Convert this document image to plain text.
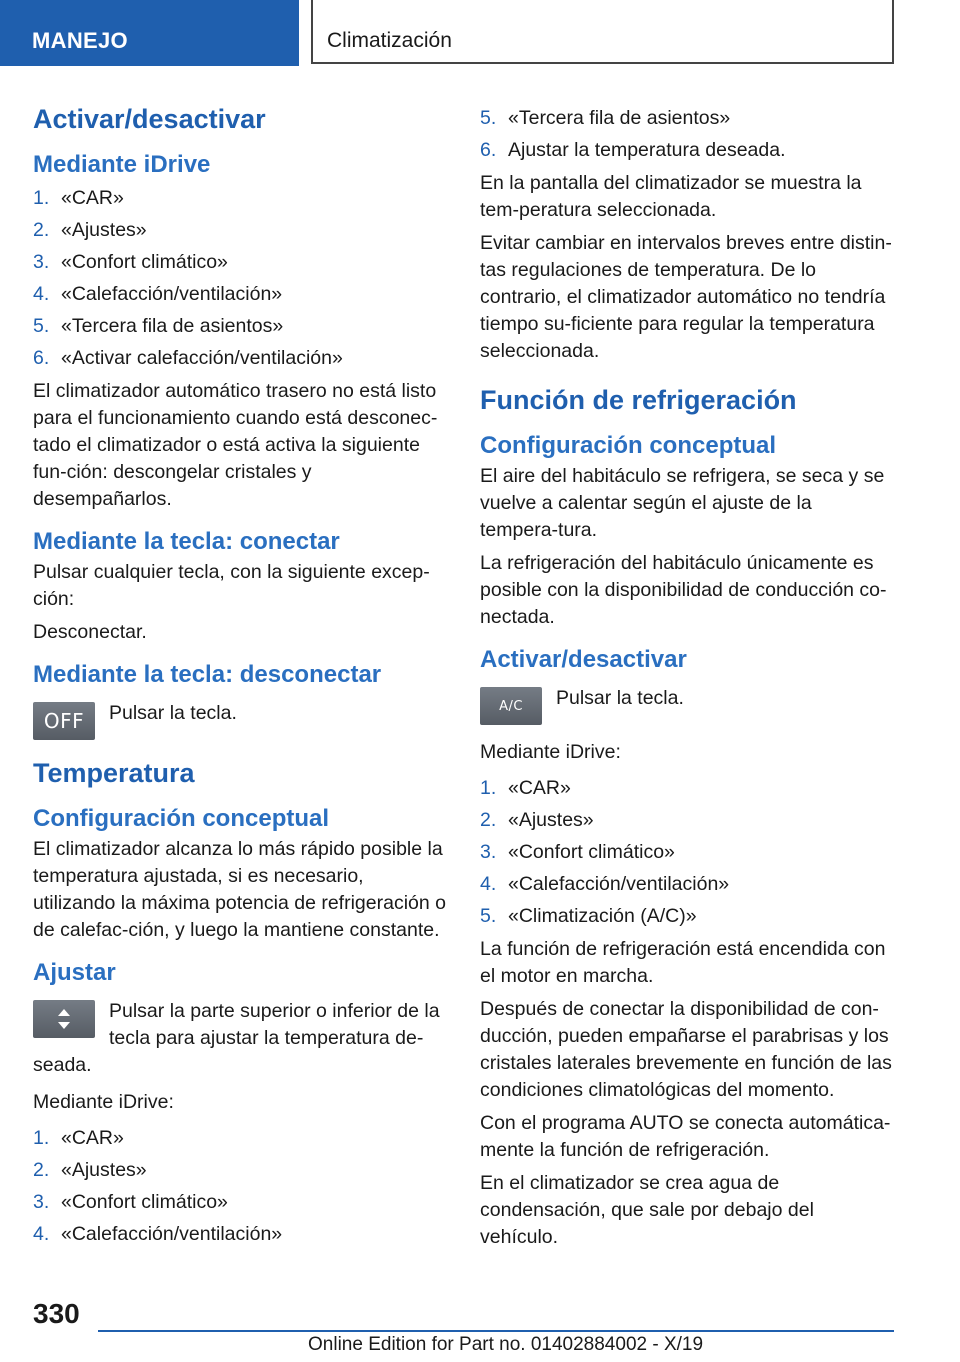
MANEJO	Climatización
Activar/desactivar
Mediante iDrive
1. «CAR»
2. «Ajustes»
3. «Confort climático»
4. «Calefacción/ventilación»
5. «Tercera fila de asientos»
6. «Activar calefacción/ventilación»
El climatizador automático trasero no está listo para el funcionamiento cuando está desconec-tado el climatizador o está activa la siguiente fun-ción: descongelar cristales y desempañarlos.
Mediante la tecla: conectar
Pulsar cualquier tecla, con la siguiente excep-ción:
Desconectar.
Mediante la tecla: desconectar
OFF	Pulsar la tecla.
Temperatura
Configuración conceptual
El climatizador alcanza lo más rápido posible la temperatura ajustada, si es necesario, utilizando la máxima potencia de refrigeración o de calefac-ción, y luego la mantiene constante.
Ajustar
Pulsar la parte superior o inferior de la tecla para ajustar la temperatura de-seada.
Mediante iDrive:
1. «CAR»
2. «Ajustes»
3. «Confort climático»
4. «Calefacción/ventilación»
5. «Tercera fila de asientos»
6. Ajustar la temperatura deseada.
En la pantalla del climatizador se muestra la tem-peratura seleccionada.
Evitar cambiar en intervalos breves entre distin-tas regulaciones de temperatura. De lo contrario, el climatizador automático no tendría tiempo su-ficiente para regular la temperatura seleccionada.
Función de refrigeración
Configuración conceptual
El aire del habitáculo se refrigera, se seca y se vuelve a calentar según el ajuste de la tempera-tura.
La refrigeración del habitáculo únicamente es posible con la disponibilidad de conducción co-nectada.
Activar/desactivar
A/C	Pulsar la tecla.
Mediante iDrive:
1. «CAR»
2. «Ajustes»
3. «Confort climático»
4. «Calefacción/ventilación»
5. «Climatización (A/C)»
La función de refrigeración está encendida con el motor en marcha.
Después de conectar la disponibilidad de con-ducción, pueden empañarse el parabrisas y los cristales laterales brevemente en función de las condiciones climatológicas del momento.
Con el programa AUTO se conecta automática-mente la función de refrigeración.
En el climatizador se crea agua de condensación, que sale por debajo del vehículo.
330
Online Edition for Part no. 01402884002 - X/19
